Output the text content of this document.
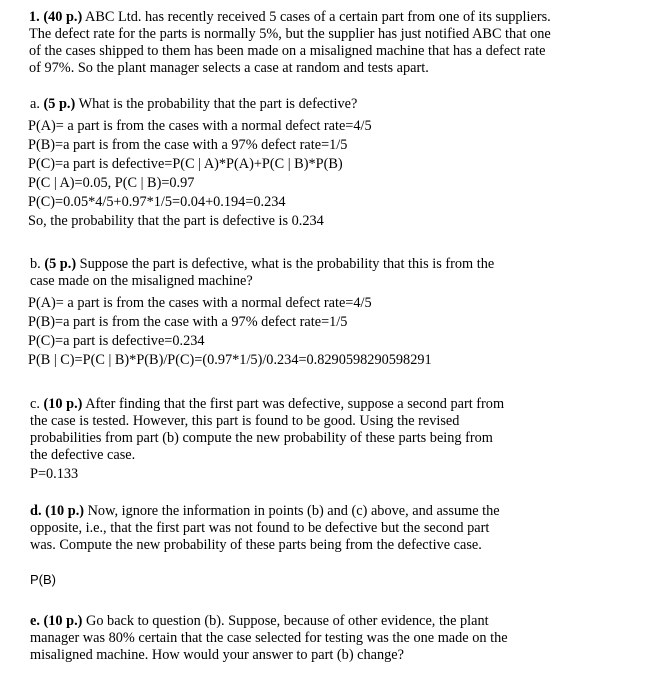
1. (40 p.) ABC Ltd. has recently received 5 cases of a certain part from one of its suppliers.
The defect rate for the parts is normally 5%, but the supplier has just notified ABC that one
of the cases shipped to them has been made on a misaligned machine that has a defect rate
of 97%. So the plant manager selects a case at random and tests apart.
a. (5 p.) What is the probability that the part is defective?
P(A)= a part is from the cases with a normal defect rate=4/5
P(B)=a part is from the case with a 97% defect rate=1/5
P(C)=a part is defective=P(C | A)*P(A)+P(C | B)*P(B)
P(C | A)=0.05, P(C | B)=0.97
P(C)=0.05*4/5+0.97*1/5=0.04+0.194=0.234
So, the probability that the part is defective is 0.234
b. (5 p.) Suppose the part is defective, what is the probability that this is from the
case made on the misaligned machine?
P(A)= a part is from the cases with a normal defect rate=4/5
P(B)=a part is from the case with a 97% defect rate=1/5
P(C)=a part is defective=0.234
P(B | C)=P(C | B)*P(B)/P(C)=(0.97*1/5)/0.234=0.8290598290598291
c. (10 p.) After finding that the first part was defective, suppose a second part from
the case is tested. However, this part is found to be good. Using the revised
probabilities from part (b) compute the new probability of these parts being from
the defective case.
P=0.133
d. (10 p.) Now, ignore the information in points (b) and (c) above, and assume the
opposite, i.e., that the first part was not found to be defective but the second part
was. Compute the new probability of these parts being from the defective case.
P(B)
e. (10 p.) Go back to question (b). Suppose, because of other evidence, the plant
manager was 80% certain that the case selected for testing was the one made on the
misaligned machine. How would your answer to part (b) change?
